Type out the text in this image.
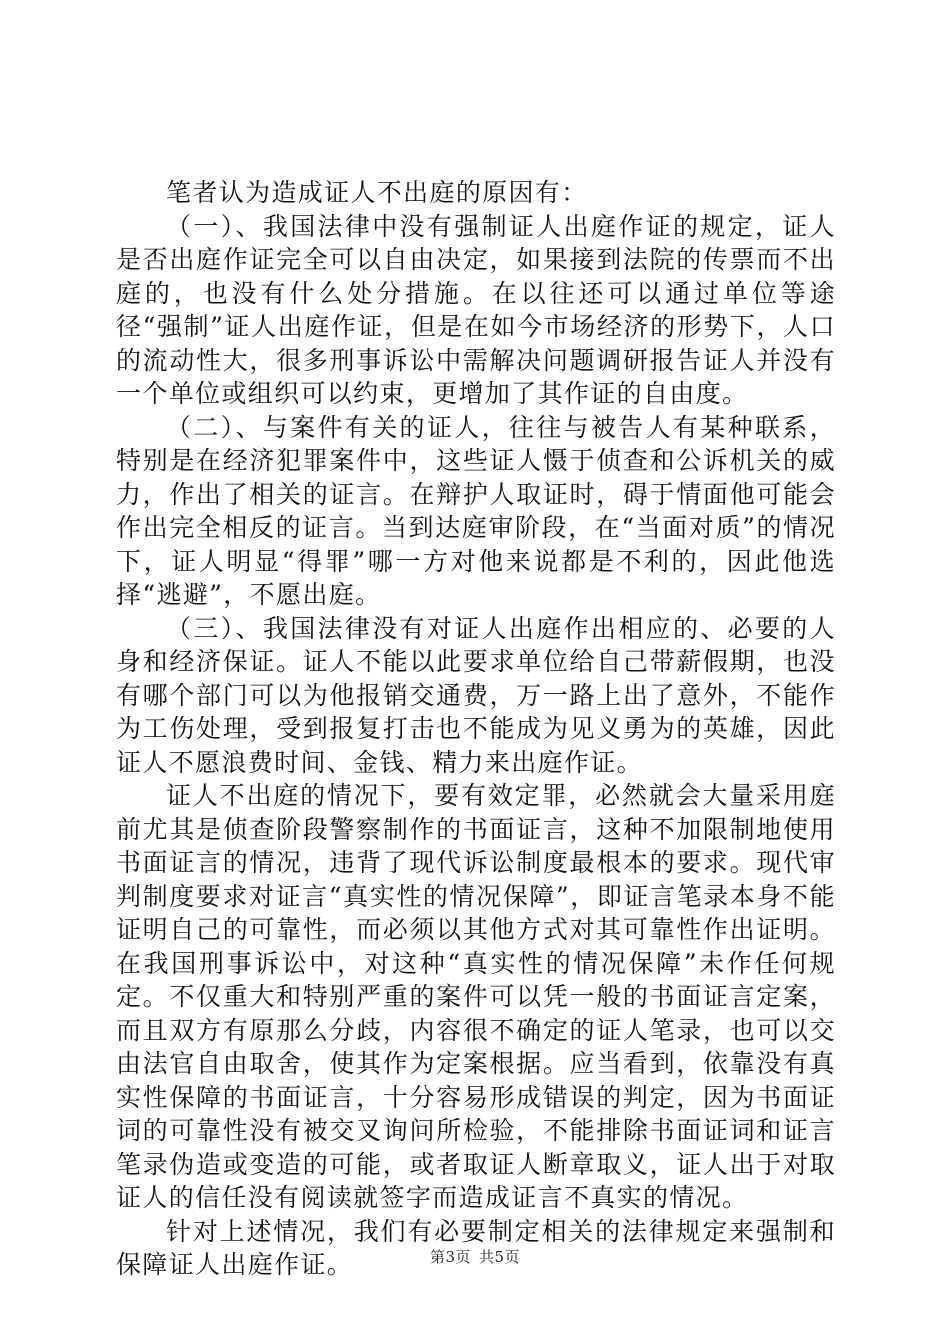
笔者认为造成证人不出庭的原因有：

（一）、我国法律中没有强制证人出庭作证的规定，证人是否出庭作证完全可以自由决定，如果接到法院的传票而不出庭的，也没有什么处分措施。在以往还可以通过单位等途径“强制”证人出庭作证，但是在如今市场经济的形势下，人口的流动性大，很多刑事诉讼中需解决问题调研报告证人并没有一个单位或组织可以约束，更增加了其作证的自由度。

（二）、与案件有关的证人，往往与被告人有某种联系，特别是在经济犯罪案件中，这些证人慑于侦查和公诉机关的威力，作出了相关的证言。在辩护人取证时，碍于情面他可能会作出完全相反的证言。当到达庭审阶段，在“当面对质”的情况下，证人明显“得罪”哪一方对他来说都是不利的，因此他选择“逃避”，不愿出庭。

（三）、我国法律没有对证人出庭作出相应的、必要的人身和经济保证。证人不能以此要求单位给自己带薪假期，也没有哪个部门可以为他报销交通费，万一路上出了意外，不能作为工伤处理，受到报复打击也不能成为见义勇为的英雄，因此证人不愿浪费时间、金钱、精力来出庭作证。

证人不出庭的情况下，要有效定罪，必然就会大量采用庭前尤其是侦查阶段警察制作的书面证言，这种不加限制地使用书面证言的情况，违背了现代诉讼制度最根本的要求。现代审判制度要求对证言“真实性的情况保障”，即证言笔录本身不能证明自己的可靠性，而必须以其他方式对其可靠性作出证明。在我国刑事诉讼中，对这种“真实性的情况保障”未作任何规定。不仅重大和特别严重的案件可以凭一般的书面证言定案，而且双方有原那么分歧，内容很不确定的证人笔录，也可以交由法官自由取舍，使其作为定案根据。应当看到，依靠没有真实性保障的书面证言，十分容易形成错误的判定，因为书面证词的可靠性没有被交叉询问所检验，不能排除书面证词和证言笔录伪造或变造的可能，或者取证人断章取义，证人出于对取证人的信任没有阅读就签字而造成证言不真实的情况。

针对上述情况，我们有必要制定相关的法律规定来强制和保障证人出庭作证。	第3页 共5页
